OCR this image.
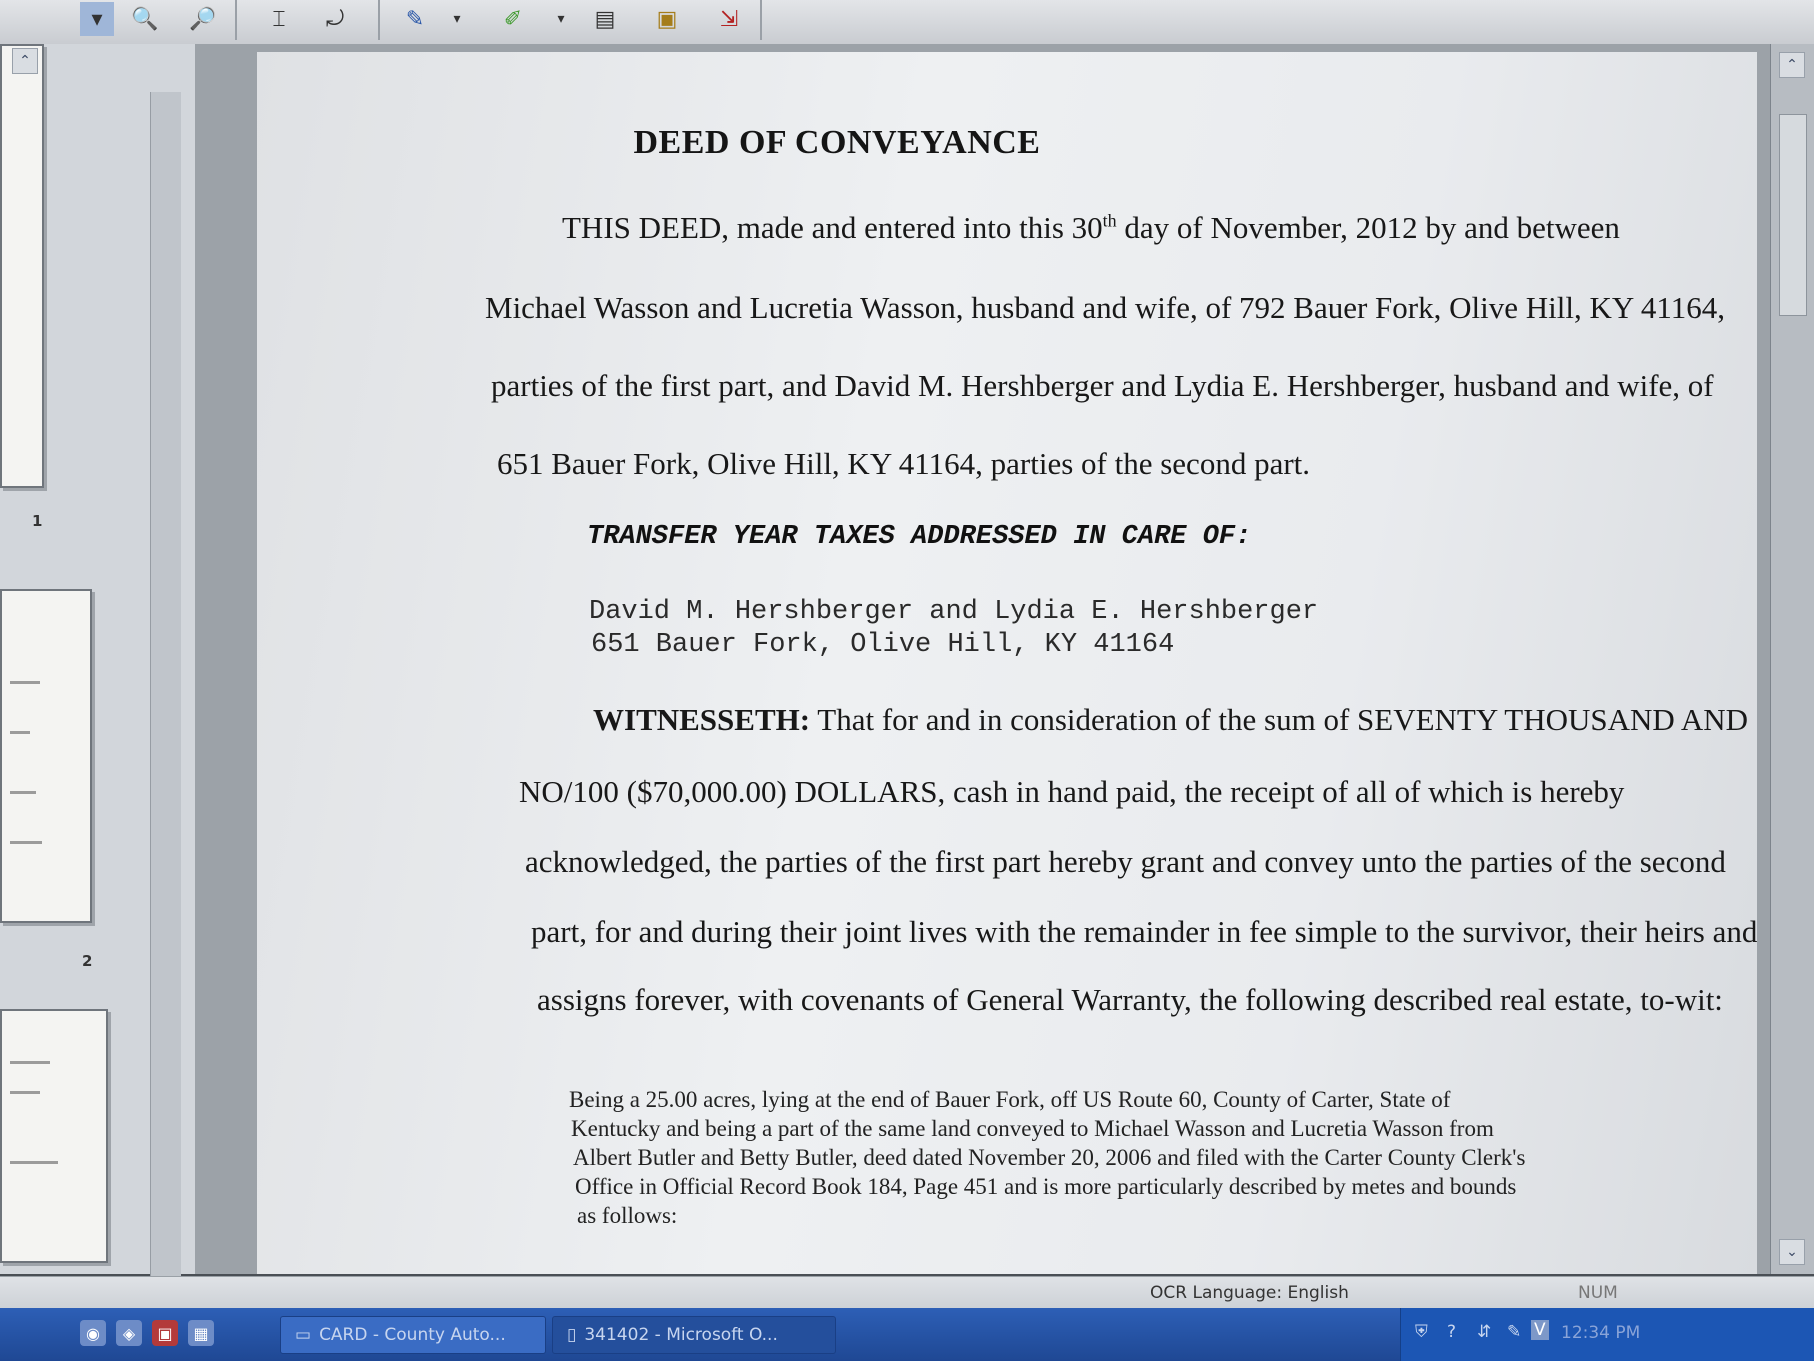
▾	🔍 🔎	⌶	⤾	✎	▾	✐	▾	▤	▣	⇲
1
2
⌃
DEED OF CONVEYANCE
THIS DEED, made and entered into this 30th day of November, 2012 by and between
Michael Wasson and Lucretia Wasson, husband and wife, of 792 Bauer Fork, Olive Hill, KY 41164,
parties of the first part, and David M. Hershberger and Lydia E. Hershberger, husband and wife, of
651 Bauer Fork, Olive Hill, KY 41164, parties of the second part.
TRANSFER YEAR TAXES ADDRESSED IN CARE OF:
David M. Hershberger and Lydia E. Hershberger
651 Bauer Fork, Olive Hill, KY 41164
WITNESSETH: That for and in consideration of the sum of SEVENTY THOUSAND AND
NO/100 ($70,000.00) DOLLARS, cash in hand paid, the receipt of all of which is hereby
acknowledged, the parties of the first part hereby grant and convey unto the parties of the second
part, for and during their joint lives with the remainder in fee simple to the survivor, their heirs and
assigns forever, with covenants of General Warranty, the following described real estate, to-wit:
Being a 25.00 acres, lying at the end of Bauer Fork, off US Route 60, County of Carter, State of
Kentucky and being a part of the same land conveyed to Michael Wasson and Lucretia Wasson from
Albert Butler and Betty Butler, deed dated November 20, 2006 and filed with the Carter County Clerk's
Office in Official Record Book 184, Page 451 and is more particularly described by metes and bounds
as follows:
⌃
⌄
OCR Language: English	NUM
◉	◈	▣	▦	▭ CARD - County Auto...	▯ 341402 - Microsoft O...	⛨ ? ⇵ ✎ V 12:34 PM
